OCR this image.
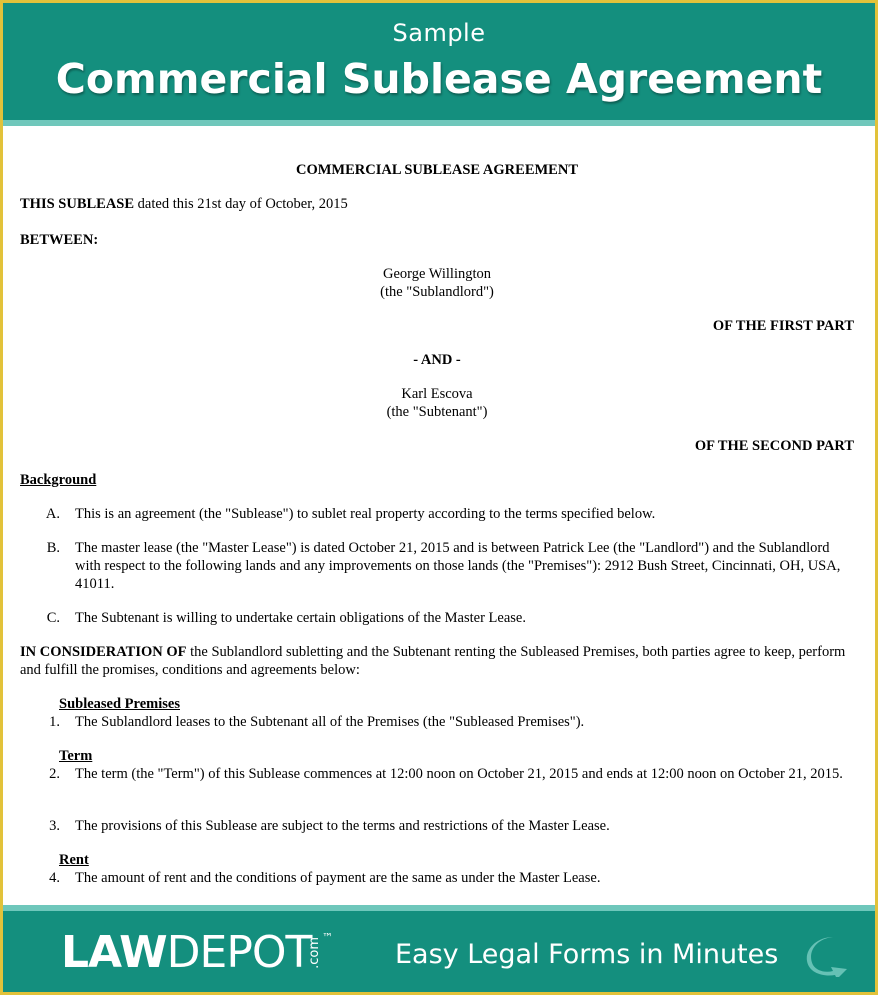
Sample
Commercial Sublease Agreement
COMMERCIAL SUBLEASE AGREEMENT
THIS SUBLEASE dated this 21st day of October, 2015
BETWEEN:
George Willington
(the "Sublandlord")
OF THE FIRST PART
- AND -
Karl Escova
(the "Subtenant")
OF THE SECOND PART
Background
A. This is an agreement (the "Sublease") to sublet real property according to the terms specified below.
B. The master lease (the "Master Lease") is dated October 21, 2015 and is between Patrick Lee (the "Landlord") and the Sublandlord with respect to the following lands and any improvements on those lands (the "Premises"): 2912 Bush Street, Cincinnati, OH, USA, 41011.
C. The Subtenant is willing to undertake certain obligations of the Master Lease.
IN CONSIDERATION OF the Sublandlord subletting and the Subtenant renting the Subleased Premises, both parties agree to keep, perform and fulfill the promises, conditions and agreements below:
Subleased Premises
1. The Sublandlord leases to the Subtenant all of the Premises (the "Subleased Premises").
Term
2. The term (the "Term") of this Sublease commences at 12:00 noon on October 21, 2015 and ends at 12:00 noon on October 21, 2015.
3. The provisions of this Sublease are subject to the terms and restrictions of the Master Lease.
Rent
4. The amount of rent and the conditions of payment are the same as under the Master Lease.
LAWDEPOT
.com ™
Easy Legal Forms in Minutes
